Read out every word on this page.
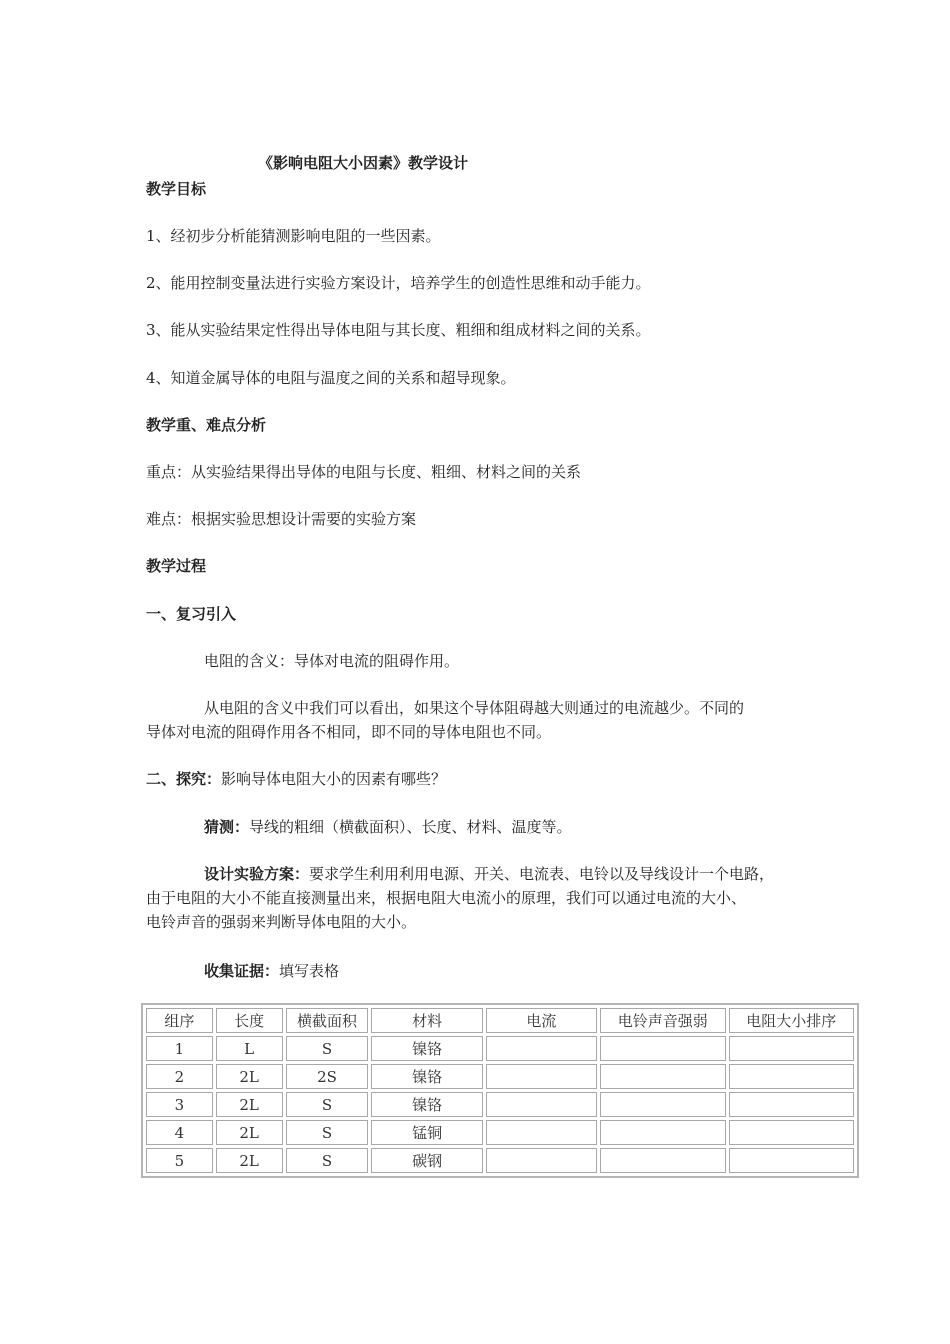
《影响电阻大小因素》教学设计
教学目标
1、经初步分析能猜测影响电阻的一些因素。
2、能用控制变量法进行实验方案设计，培养学生的创造性思维和动手能力。
3、能从实验结果定性得出导体电阻与其长度、粗细和组成材料之间的关系。
4、知道金属导体的电阻与温度之间的关系和超导现象。
教学重、难点分析
重点：从实验结果得出导体的电阻与长度、粗细、材料之间的关系
难点：根据实验思想设计需要的实验方案
教学过程
一、复习引入
电阻的含义：导体对电流的阻碍作用。
从电阻的含义中我们可以看出，如果这个导体阻碍越大则通过的电流越少。不同的
导体对电流的阻碍作用各不相同，即不同的导体电阻也不同。
二、探究：影响导体电阻大小的因素有哪些？
猜测：导线的粗细（横截面积）、长度、材料、温度等。
设计实验方案：要求学生利用利用电源、开关、电流表、电铃以及导线设计一个电路，
由于电阻的大小不能直接测量出来，根据电阻大电流小的原理，我们可以通过电流的大小、
电铃声音的强弱来判断导体电阻的大小。
收集证据：填写表格
组序	长度	横截面积	材料	电流	电铃声音强弱	电阻大小排序
1	L	S	镍铬			
2	2L	2S	镍铬			
3	2L	S	镍铬			
4	2L	S	锰铜			
5	2L	S	碳钢			
